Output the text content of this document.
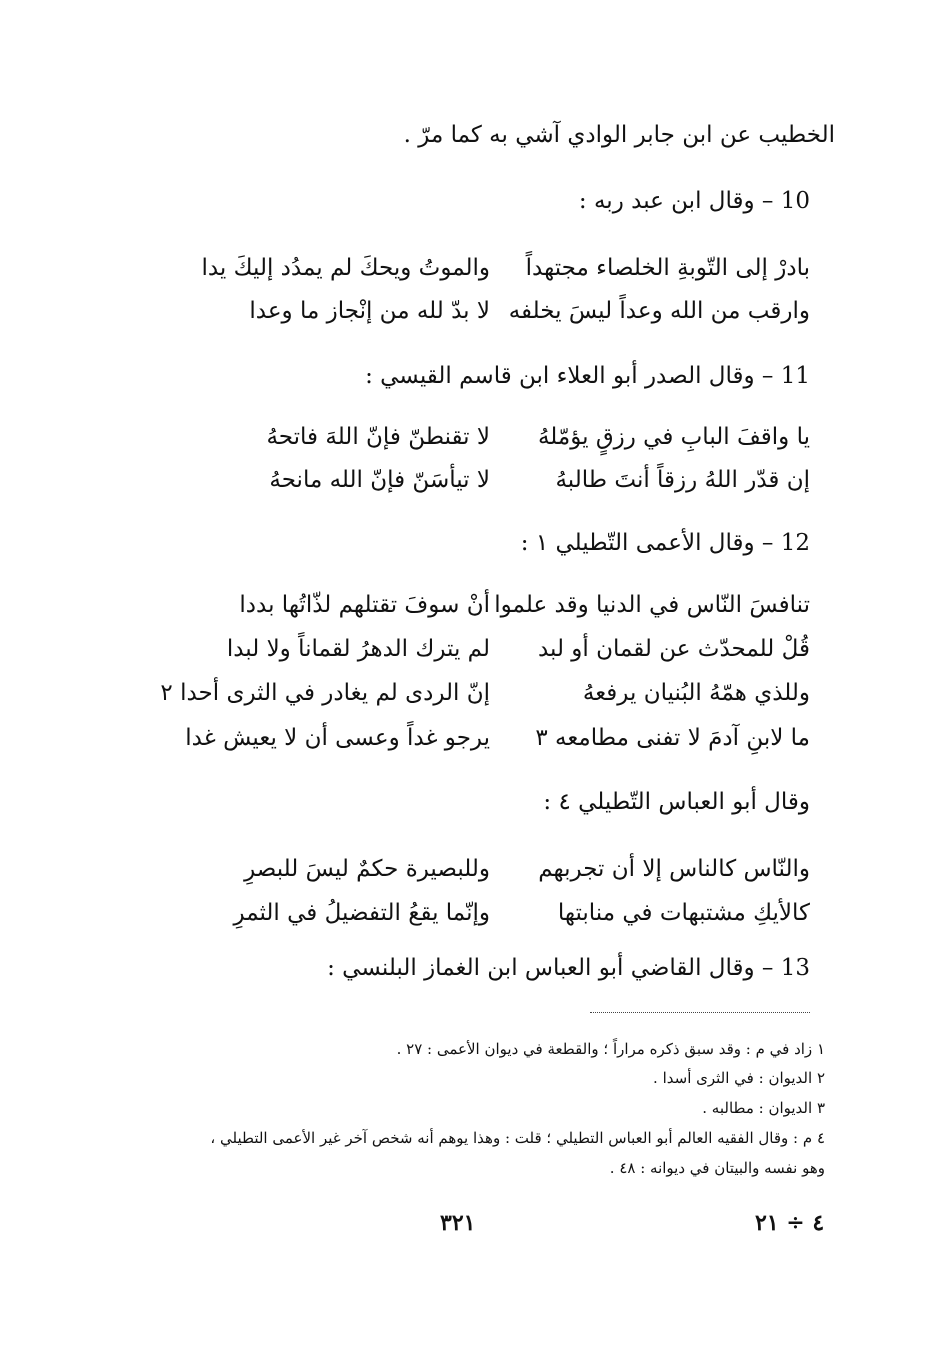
الخطيب عن ابن جابر الوادي آشي به كما مرّ .
10 – وقال ابن عبد ربه :
بادرْ إلى التّوبةِ الخلصاء مجتهداً
والموتُ ويحكَ لم يمدُد إليكَ يدا
وارقب من الله وعداً ليسَ يخلفه
لا بدّ لله من إنْجاز ما وعدا
11 – وقال الصدر أبو العلاء ابن قاسم القيسي :
يا واقفَ البابِ في رزقٍ يؤمّلهُ
لا تقنطنّ فإنّ اللهَ فاتحهُ
إن قدّر اللهُ رزقاً أنتَ طالبهُ
لا تيأسَنّ فإنّ الله مانحهُ
12 – وقال الأعمى التّطيلي ١ :
تنافسَ النّاس في الدنيا وقد علموا
أنْ سوفَ تقتلهم لذّاتُها بددا
قُلْ للمحدّث عن لقمان أو لبد
لم يترك الدهرُ لقماناً ولا لبدا
وللذي همّهُ البُنيان يرفعهُ
إنّ الردى لم يغادر في الثرى أحدا ٢
ما لابنِ آدمَ لا تفنى مطامعه ٣
يرجو غداً وعسى أن لا يعيش غدا
وقال أبو العباس التّطيلي ٤ :
والنّاس كالناس إلا أن تجربهم
وللبصيرة حكمٌ ليسَ للبصرِ
كالأيكِ مشتبهات في منابتها
وإنّما يقعُ التفضيلُ في الثمرِ
13 – وقال القاضي أبو العباس ابن الغماز البلنسي :
١ زاد في م : وقد سبق ذكره مراراً ؛ والقطعة في ديوان الأعمى : ٢٧ .
٢ الديوان : في الثرى أسدا .
٣ الديوان : مطالبه .
٤ م : وقال الفقيه العالم أبو العباس التطيلي ؛ قلت : وهذا يوهم أنه شخص آخر غير الأعمى التطيلي ،
وهو نفسه والبيتان في ديوانه : ٤٨ .
٣٢١	٤ ÷ ٢١
